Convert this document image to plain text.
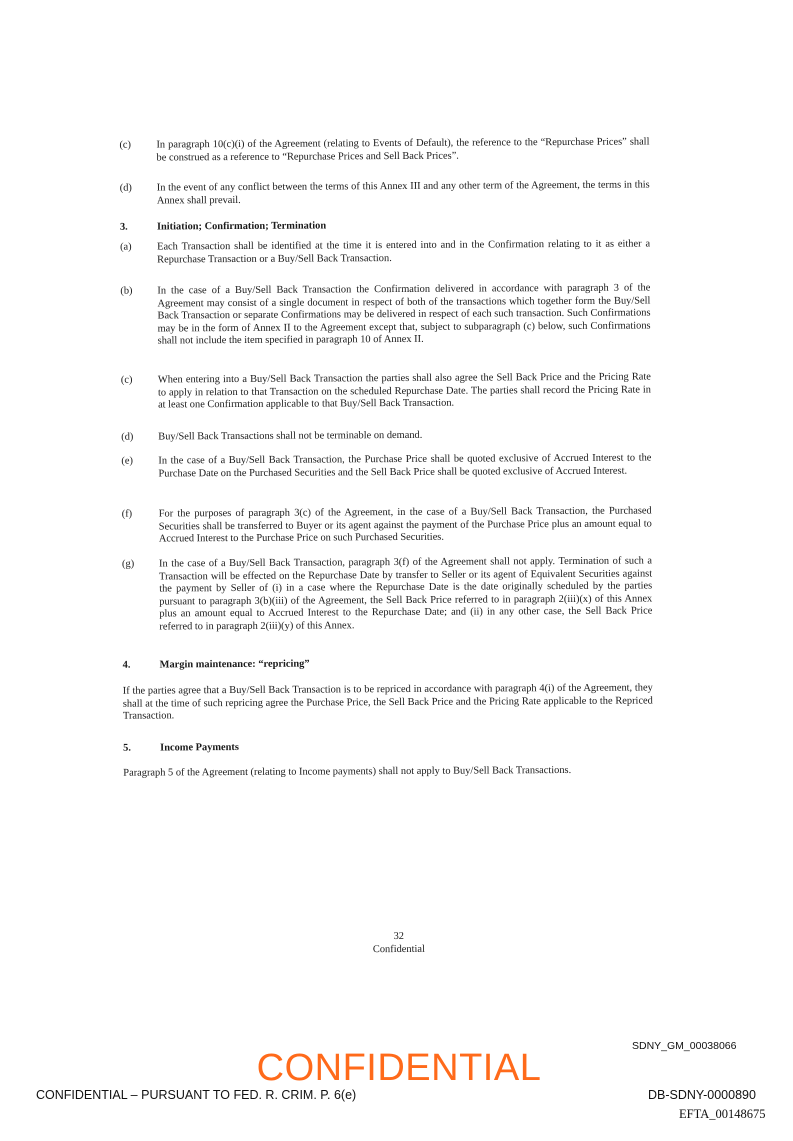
(c)	In paragraph 10(c)(i) of the Agreement (relating to Events of Default), the reference to the “Repurchase Prices” shall be construed as a reference to “Repurchase Prices and Sell Back Prices”.
(d)	In the event of any conflict between the terms of this Annex III and any other term of the Agreement, the terms in this Annex shall prevail.
3.	Initiation; Confirmation; Termination
(a)	Each Transaction shall be identified at the time it is entered into and in the Confirmation relating to it as either a Repurchase Transaction or a Buy/Sell Back Transaction.
(b)	In the case of a Buy/Sell Back Transaction the Confirmation delivered in accordance with paragraph 3 of the Agreement may consist of a single document in respect of both of the transactions which together form the Buy/Sell Back Transaction or separate Confirmations may be delivered in respect of each such transaction. Such Confirmations may be in the form of Annex II to the Agreement except that, subject to subparagraph (c) below, such Confirmations shall not include the item specified in paragraph 10 of Annex II.
(c)	When entering into a Buy/Sell Back Transaction the parties shall also agree the Sell Back Price and the Pricing Rate to apply in relation to that Transaction on the scheduled Repurchase Date. The parties shall record the Pricing Rate in at least one Confirmation applicable to that Buy/Sell Back Transaction.
(d)	Buy/Sell Back Transactions shall not be terminable on demand.
(e)	In the case of a Buy/Sell Back Transaction, the Purchase Price shall be quoted exclusive of Accrued Interest to the Purchase Date on the Purchased Securities and the Sell Back Price shall be quoted exclusive of Accrued Interest.
(f)	For the purposes of paragraph 3(c) of the Agreement, in the case of a Buy/Sell Back Transaction, the Purchased Securities shall be transferred to Buyer or its agent against the payment of the Purchase Price plus an amount equal to Accrued Interest to the Purchase Price on such Purchased Securities.
(g)	In the case of a Buy/Sell Back Transaction, paragraph 3(f) of the Agreement shall not apply. Termination of such a Transaction will be effected on the Repurchase Date by transfer to Seller or its agent of Equivalent Securities against the payment by Seller of (i) in a case where the Repurchase Date is the date originally scheduled by the parties pursuant to paragraph 3(b)(iii) of the Agreement, the Sell Back Price referred to in paragraph 2(iii)(x) of this Annex plus an amount equal to Accrued Interest to the Repurchase Date; and (ii) in any other case, the Sell Back Price referred to in paragraph 2(iii)(y) of this Annex.
4.	Margin maintenance: “repricing”
If the parties agree that a Buy/Sell Back Transaction is to be repriced in accordance with paragraph 4(i) of the Agreement, they shall at the time of such repricing agree the Purchase Price, the Sell Back Price and the Pricing Rate applicable to the Repriced Transaction.
5.	Income Payments
Paragraph 5 of the Agreement (relating to Income payments) shall not apply to Buy/Sell Back Transactions.
32
Confidential
SDNY_GM_00038066
CONFIDENTIAL
CONFIDENTIAL – PURSUANT TO FED. R. CRIM. P. 6(e)	DB-SDNY-0000890
EFTA_00148675
